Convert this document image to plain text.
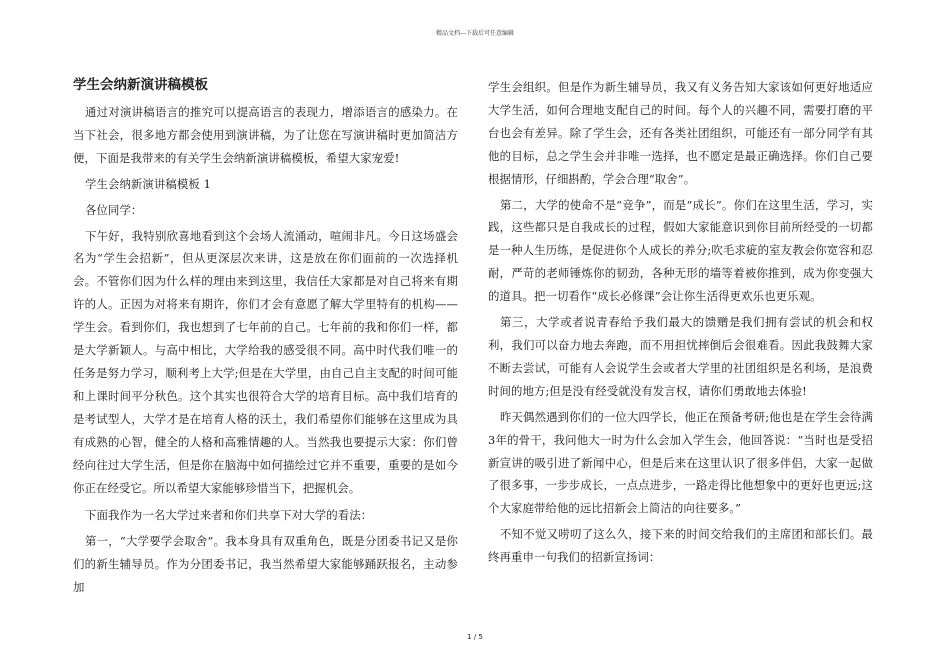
精品文档---下载后可任意编辑
学生会纳新演讲稿模板

通过对演讲稿语言的推究可以提高语言的表现力，增添语言的感染力。在当下社会，很多地方都会使用到演讲稿，为了让您在写演讲稿时更加简洁方便，下面是我带来的有关学生会纳新演讲稿模板，希望大家宠爱!

学生会纳新演讲稿模板 1

各位同学：

下午好，我特别欣喜地看到这个会场人流涌动，喧闹非凡。今日这场盛会名为“学生会招新”，但从更深层次来讲，这是放在你们面前的一次选择机会。不管你们因为什么样的理由来到这里，我信任大家都是对自己将来有期许的人。正因为对将来有期许，你们才会有意愿了解大学里特有的机构——学生会。看到你们，我也想到了七年前的自己。七年前的我和你们一样，都是大学新颖人。与高中相比，大学给我的感受很不同。高中时代我们唯一的任务是努力学习，顺利考上大学;但是在大学里，由自己自主支配的时间可能和上课时间平分秋色。这个其实也很符合大学的培育目标。高中我们培育的是考试型人，大学才是在培育人格的沃土，我们希望你们能够在这里成为具有成熟的心智，健全的人格和高雅情趣的人。当然我也要提示大家：你们曾经向往过大学生活，但是你在脑海中如何描绘过它并不重要，重要的是如今你正在经受它。所以希望大家能够珍惜当下，把握机会。

下面我作为一名大学过来者和你们共享下对大学的看法：

第一，“大学要学会取舍”。我本身具有双重角色，既是分团委书记又是你们的新生辅导员。作为分团委书记，我当然希望大家能够踊跃报名，主动参加

学生会组织。但是作为新生辅导员，我又有义务告知大家该如何更好地适应大学生活，如何合理地支配自己的时间。每个人的兴趣不同，需要打磨的平台也会有差异。除了学生会，还有各类社团组织，可能还有一部分同学有其他的目标，总之学生会并非唯一选择，也不愿定是最正确选择。你们自己要根据情形，仔细斟酌，学会合理“取舍”。

第二，大学的使命不是“竞争”，而是“成长”。你们在这里生活，学习，实践，这些都只是自我成长的过程，假如大家能意识到你目前所经受的一切都是一种人生历练，是促进你个人成长的养分;吹毛求疵的室友教会你宽容和忍耐，严苛的老师锤炼你的韧劲，各种无形的墙等着被你推到，成为你变强大的道具。把一切看作“成长必修课”会让你生活得更欢乐也更乐观。

第三，大学或者说青春给予我们最大的馈赠是我们拥有尝试的机会和权利，我们可以奋力地去奔跑，而不用担忧摔倒后会很难看。因此我鼓舞大家不断去尝试，可能有人会说学生会或者大学里的社团组织是名利场，是浪费时间的地方;但是没有经受就没有发言权，请你们勇敢地去体验!

昨天偶然遇到你们的一位大四学长，他正在预备考研;他也是在学生会待满 3年的骨干，我问他大一时为什么会加入学生会，他回答说：“当时也是受招新宣讲的吸引进了新闻中心，但是后来在这里认识了很多伴侣，大家一起做了很多事，一步步成长，一点点进步，一路走得比他想象中的更好也更远;这个大家庭带给他的远比招新会上简洁的向往要多。”

不知不觉又唠叨了这么久，接下来的时间交给我们的主席团和部长们。最终再重申一句我们的招新宣扬词：

1 / 5
